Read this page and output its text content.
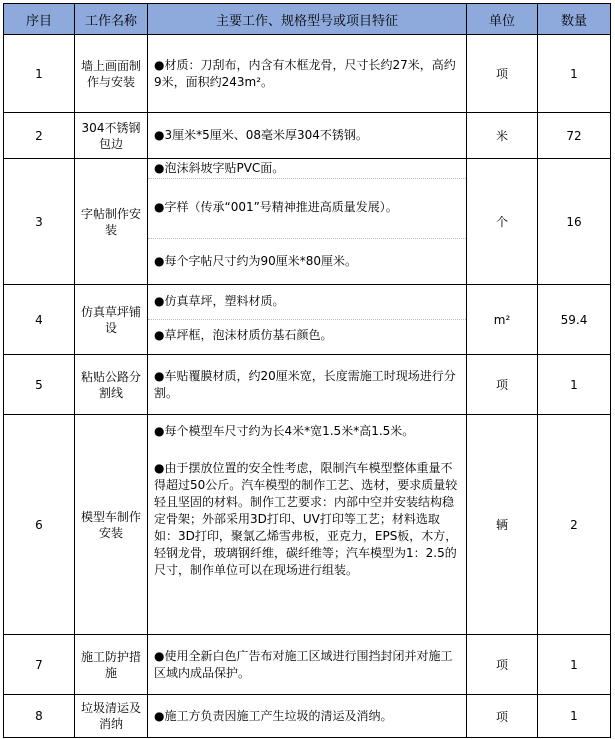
序目	工作名称	主要工作、规格型号或项目特征	单位	数量
1	墙上画面制作与安装	●材质：刀刮布，内含有木框龙骨，尺寸长约27米，高约9米，面积约243m²。	项	1
2	304不锈钢包边	●3厘米*5厘米、08毫米厚304不锈钢。	米	72
3	字帖制作安装	●泡沫斜坡字贴PVC面。
●字样（传承“001”号精神推进高质量发展）。
●每个字帖尺寸约为90厘米*80厘米。	个	16
4	仿真草坪铺设	●仿真草坪，塑料材质。
●草坪框，泡沫材质仿基石颜色。	m²	59.4
5	粘贴公路分割线	●车贴覆膜材质，约20厘米宽，长度需施工时现场进行分割。	项	1
6	模型车制作安装	●每个模型车尺寸约为长4米*宽1.5米*高1.5米。
●由于摆放位置的安全性考虑，限制汽车模型整体重量不得超过50公斤。汽车模型的制作工艺、选材，要求质量较轻且坚固的材料。制作工艺要求：内部中空并安装结构稳定骨架；外部采用3D打印、UV打印等工艺；材料选取如：3D打印，聚氯乙烯雪弗板，亚克力，EPS板，木方，轻钢龙骨，玻璃钢纤维，碳纤维等；汽车模型为1：2.5的尺寸，制作单位可以在现场进行组装。	辆	2
7	施工防护措施	●使用全新白色广告布对施工区域进行围挡封闭并对施工区域内成品保护。	项	1
8	垃圾清运及消纳	●施工方负责因施工产生垃圾的清运及消纳。	项	1
